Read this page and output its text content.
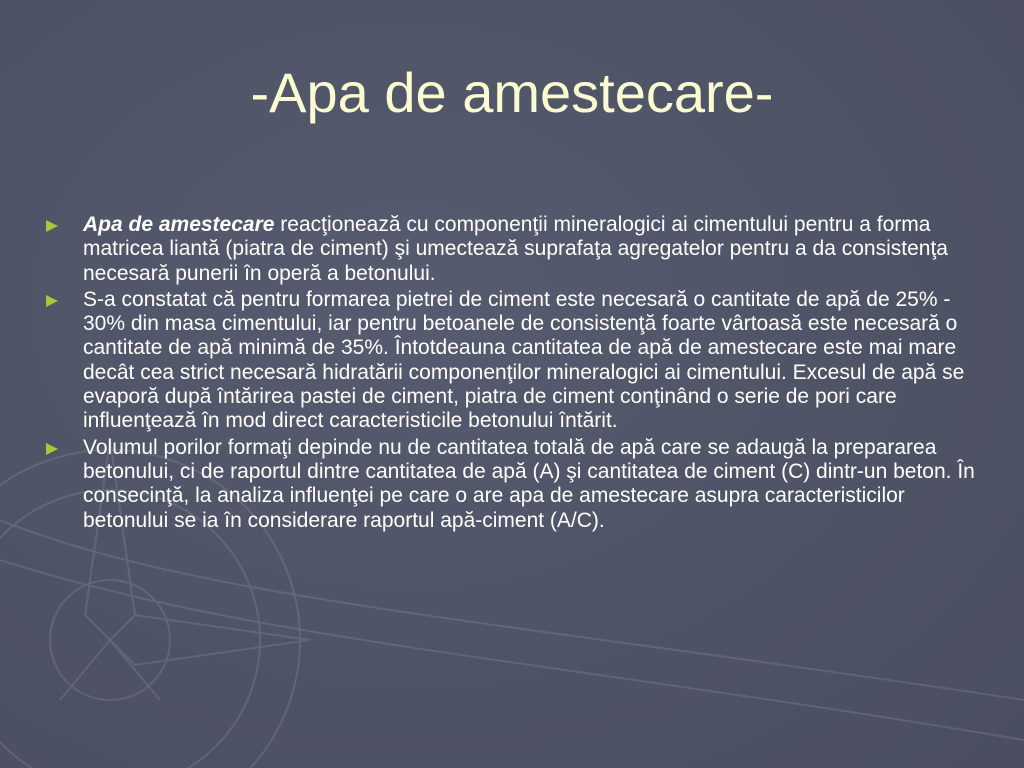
-Apa de amestecare-
Apa de amestecare reacţionează cu componenţii mineralogici ai cimentului pentru a forma matricea liantă (piatra de ciment) şi umectează suprafaţa agregatelor pentru a da consistenţa necesară punerii în operă a betonului.
S-a constatat că pentru formarea pietrei de ciment este necesară o cantitate de apă de 25% - 30% din masa cimentului, iar pentru betoanele de consistenţă foarte vârtoasă este necesară o cantitate de apă minimă de 35%. Întotdeauna cantitatea de apă de amestecare este mai mare decât cea strict necesară hidratării componenţilor mineralogici ai cimentului. Excesul de apă se evaporă după întărirea pastei de ciment, piatra de ciment conţinând o serie de pori care influenţează în mod direct caracteristicile betonului întărit.
Volumul porilor formaţi depinde nu de cantitatea totală de apă care se adaugă la prepararea betonului, ci de raportul dintre cantitatea de apă (A) şi cantitatea de ciment (C) dintr-un beton. În consecinţă, la analiza influenţei pe care o are apa de amestecare asupra caracteristicilor betonului se ia în considerare raportul apă-ciment (A/C).
